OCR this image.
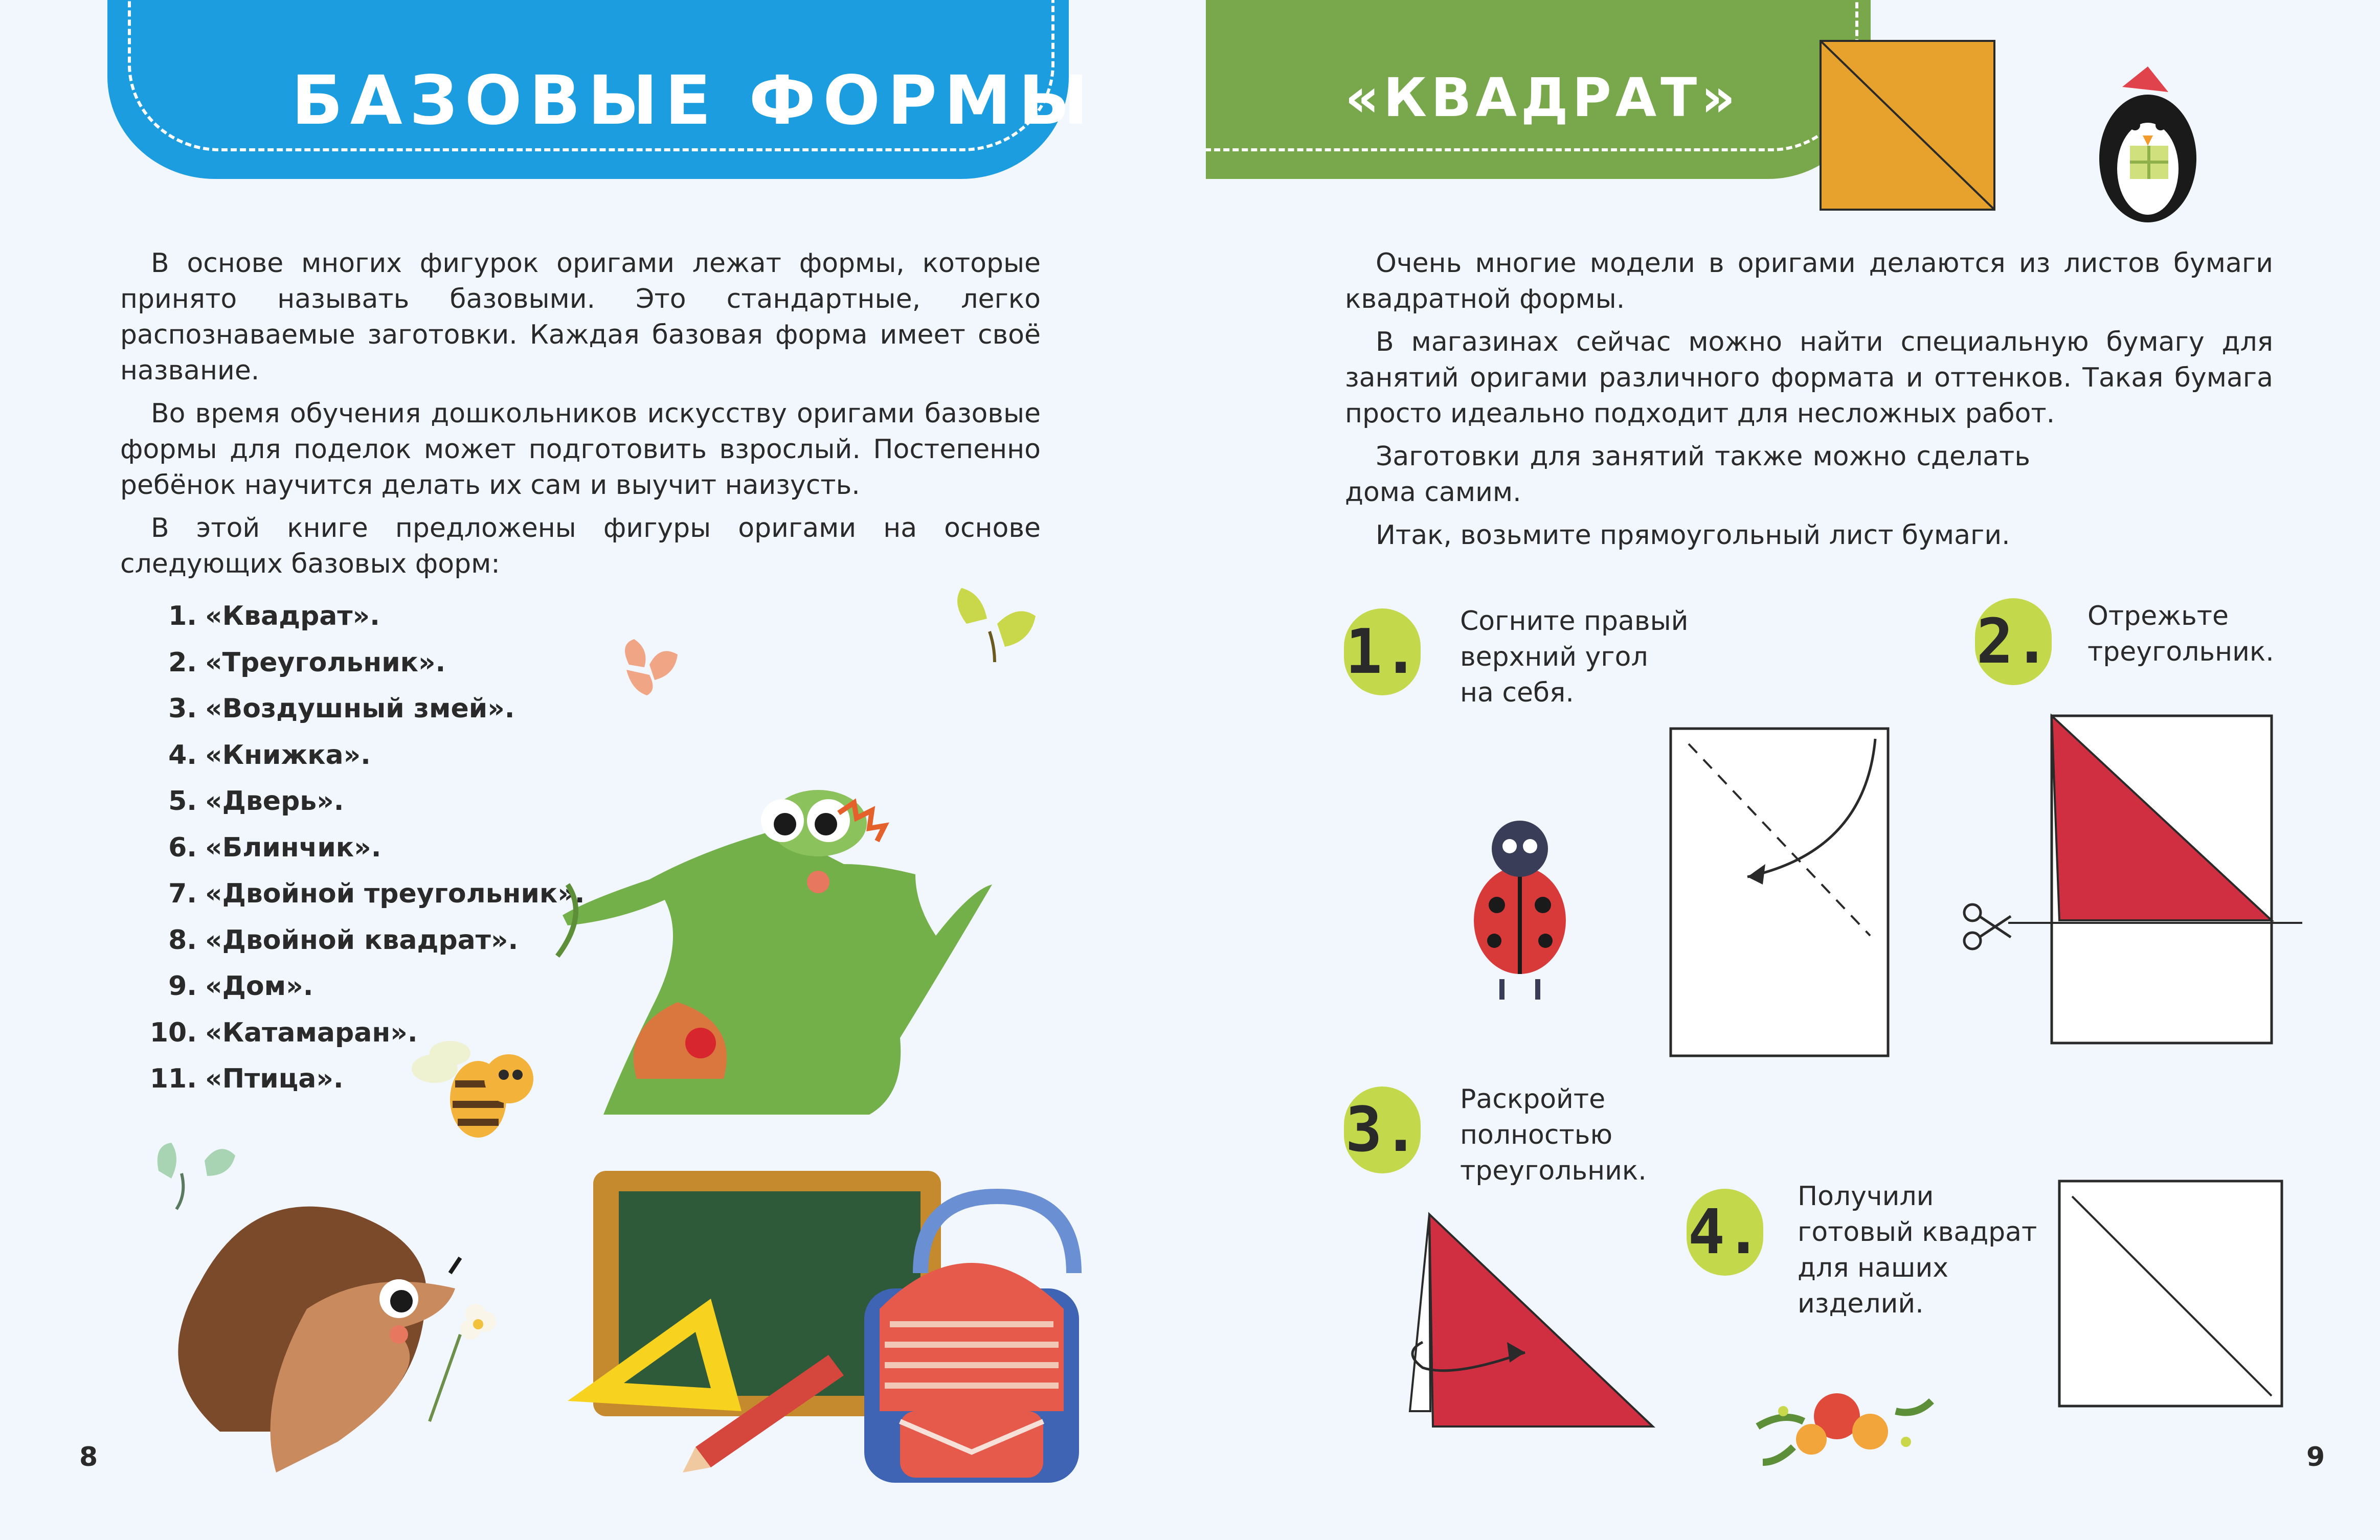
БАЗОВЫЕ ФОРМЫ

В основе многих фигурок оригами лежат формы, которые принято называть базовыми. Это стандартные, легко распознаваемые заготовки. Каждая базовая форма имеет своё название.

Во время обучения дошкольников искусству оригами базовые формы для поделок может подготовить взрослый. Постепенно ребёнок научится делать их сам и выучит наизусть.

В этой книге предложены фигуры оригами на основе следующих базовых форм:

1. «Квадрат».
2. «Треугольник».
3. «Воздушный змей».
4. «Книжка».
5. «Дверь».
6. «Блинчик».
7. «Двойной треугольник».
8. «Двойной квадрат».
9. «Дом».
10. «Катамаран».
11. «Птица».
8
«КВАДРАТ»

Очень многие модели в оригами делаются из листов бумаги квадратной формы.

В магазинах сейчас можно найти специальную бумагу для занятий оригами различного формата и оттенков. Такая бумага просто идеально подходит для несложных работ.

Заготовки для занятий также можно сделать дома самим.

Итак, возьмите прямоугольный лист бумаги.

1. Согните правый
верхний угол
на себя.
2. Отрежьте
треугольник.
3. Раскройте
полностью
треугольник.
4.
Получили
готовый квадрат
для наших
изделий.
9
